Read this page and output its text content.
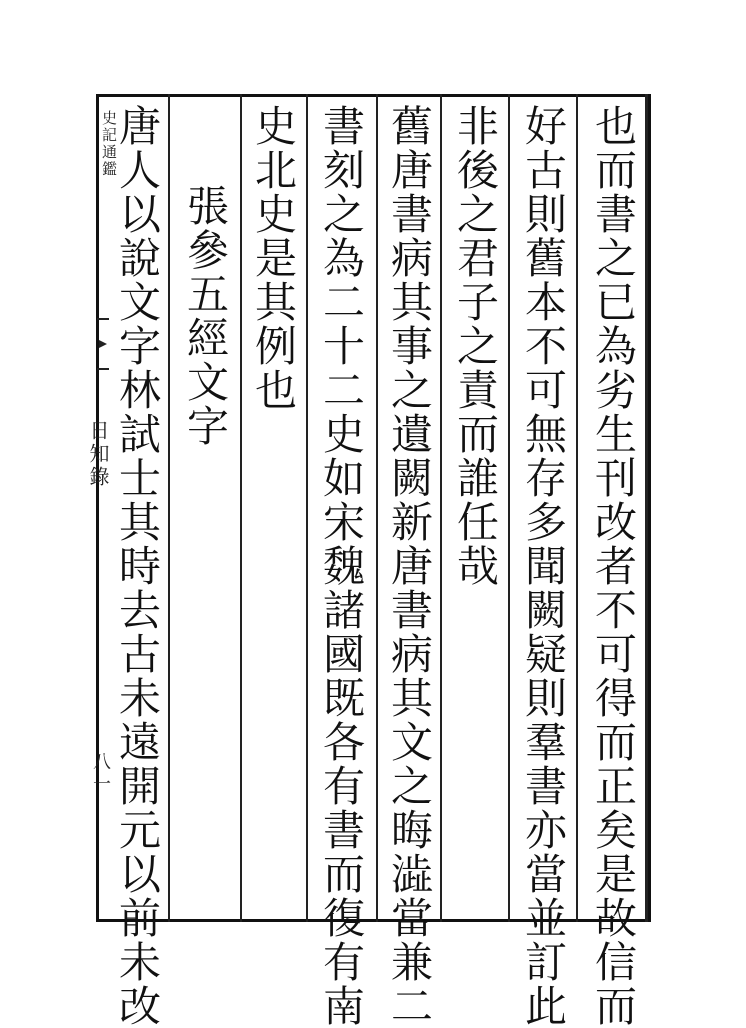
史記通鑑
日知錄
八一	也而書之已為劣生刊改者不可得而正矣是故信而
好古則舊本不可無存多聞闕疑則羣書亦當並訂此
非後之君子之責而誰任哉
舊唐書病其事之遺闕新唐書病其文之晦澁當兼二
書刻之為二十二史如宋魏諸國既各有書而復有南
史北史是其例也
張參五經文字
唐人以說文字林試士其時去古未遠開元以前未改
